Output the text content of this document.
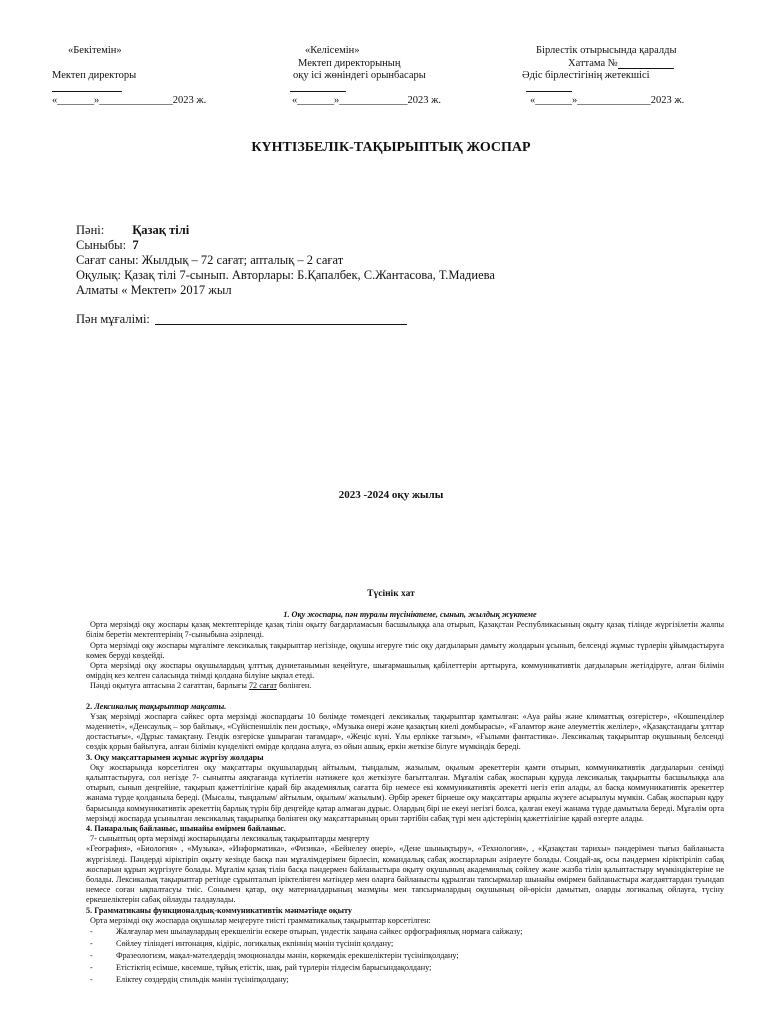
«Бекітемін»
Мектеп директоры
«_______»______________2023 ж.
«Келісемін»
Мектеп директорының
оқу ісі жөніндегі орынбасары
«_______»_____________2023 ж.
Бірлестік отырысында қаралды
Хаттама №
Әдіс бірлестігінің жетекшісі
«_______»______________2023 ж.
КҮНТІЗБЕЛІК-ТАҚЫРЫПТЫҚ ЖОСПАР
Пәні: Қазақ тілі
Сыныбы: 7
Сағат саны: Жылдық – 72 сағат; апталық – 2 сағат
Оқулық: Қазақ тілі 7-сынып. Авторлары: Б.Қапалбек, С.Жантасова, Т.Мадиева
Алматы « Мектеп» 2017 жыл
Пән мұғалімі:
2023 -2024 оқу жылы
Түсінік хат
1. Оқу жоспары, пән туралы түсініктеме, сынып, жылдық жүктеме

Орта мерзімді оқу жоспары қазақ мектептерінде қазақ тілін оқыту бағдарламасын басшылыққа ала отырып, Қазақстан Республикасының оқыту қазақ тілінде жүргізілетін жалпы білім беретін мектептерінің 7-сыныбына әзірленді.

Орта мерзімді оқу жоспары мұғалімге лексикалық тақырыптар негізінде, оқушы игеруге тиіс оқу дағдыларын дамыту жолдарын ұсынып, белсенді жұмыс түрлерін ұйымдастыруға көмек беруді көздейді.

Орта мерзімді оқу жоспары оқушылардың ұлттық дүниетанымын кеңейтуге, шығармашылық қабілеттерін арттыруға, коммуникативтік дағдыларын жетілдіруге, алған білімін өмірдің кез келген саласында тиімді қолдана білуіне ықпал етеді.

Пәнді оқытуға аптасына 2 сағаттан, барлығы 72 сағат бөлінген.

2. Лексикалық тақырыптар мақсаты.

Ұзақ мерзімді жоспарға сәйкес орта мерзімді жоспардағы 10 бөлімде төмендегі лексикалық тақырыптар қамтылған: «Ауа райы және климаттық өзгерістер», «Көшпенділер мәдениеті», «Денсаулық – зор байлық», «Сүйіспеншілік пен достық», «Музыка өнері және қазақтың киелі домбырасы», «Ғаламтор және әлеуметтік желілер», «Қазақстандағы ұлттар достастығы», «Дұрыс тамақтану. Гендік өзгеріске ұшыраған тағамдар», «Жеңіс күні. Ұлы ерлікке тағзым», «Ғылыми фантастика». Лексикалық тақырыптар оқушының белсенді сөздік қорын байытуға, алған білімін күнделікті өмірде қолдана алуға, өз ойын ашық, еркін жеткізе білуге мүмкіндік береді.

3. Оқу мақсаттарымен жұмыс жүргізу жолдары

Оқу жоспарында көрсетілген оқу мақсаттары оқушылардың айтылым, тыңдалым, жазылым, оқылым әрекеттерін қамти отырып, коммуникативтік дағдыларын сенімді қалыптастыруға, сол негізде 7- сыныпты аяқтағанда күтілетін нәтижеге қол жеткізуге бағытталған. Мұғалім сабақ жоспарын құруда лексикалық тақырыпты басшылыққа ала отырып, сынып деңгейіне, тақырып қажеттілігіне қарай бір академиялық сағатта бір немесе екі коммуникативтік әрекетті негіз етіп алады, ал басқа коммуникативтік әрекеттер жанама түрде қолданыла береді. (Мысалы, тыңдалым/ айтылым, оқылым/ жазылым). Әрбір әрекет бірнеше оқу мақсаттары арқылы жүзеге асырылуы мүмкін. Сабақ жоспарын құру барысында коммуникативтік әрекеттің барлық түрін бір деңгейде қатар алмаған дұрыс. Олардың бірі не екеуі негізгі болса, қалған екеуі жанама түрде дамытыла береді. Мұғалім орта мерзімді жоспарда ұсынылған лексикалық тақырыпқа бөлінген оқу мақсаттарының орын тәртібін сабақ түрі мен әдістерінің қажеттілігіне қарай өзгерте алады.

4. Пәнаралық байланыс, шынайы өмірмен байланыс.

7- сыныптың орта мерзімді жоспарындағы лексикалық тақырыптарды меңгерту

«География», «Биология» , «Музыка», «Информатика», «Физика», «Бейнелеу өнері», «Дене шынықтыру», «Технология», , «Қазақстан тарихы» пәндерімен тығыз байланыста жүргізіледі. Пәндерді кіріктіріп оқыту кезінде басқа пән мұғалімдерімен бірлесіп, командалық сабақ жоспарларын әзірлеуге болады. Сондай-ақ, осы пәндермен кіріктіріліп сабақ жоспарын құрып жүргізуге болады. Мұғалім қазақ тілін басқа пәндермен байланыстыра оқыту оқушының академиялық сөйлеу және жазба тілін қалыптастыру мүмкіндіктеріне не болады. Лексикалық тақырыптар ретінде сұрыпталып іріктелінген мәтіндер мен оларға байланысты құрылған тапсырмалар шынайы өмірмен байланыстыра жағдаяттардан туындап немесе соған ықпалтасуы тиіс. Сонымен қатар, оқу материалдарының мазмұны мен тапсырмалардың оқушының ой-өрісін дамытып, оларды логикалық ойлауға, түсіну еркешеліктерін сабақ ойлауды талдаулады.

5. Грамматиканы функционалдық-коммуникативтік мәнмәтінде оқыту

Орта мерзімді оқу жоспарда оқушылар меңгеруге тиісті грамматикалық тақырыптар көрсетілген:

- Жалғаулар мен шылаулардың ерекшелігін ескере отырып, үндестік заңына сәйкес орфографиялық нормаға сайжазу;
- Сөйлеу тіліндегі интонация, кідіріс, логикалық екпіннің мәнін түсініп қолдану;
- Фразеологизм, мақал-мәтелдердің эмоционалды мәнін, көркемдік ерекшеліктерін түсініпқолдану;
- Етістіктің есімше, көсемше, тұйық етістік, шақ, рай түрлерін тілдесім барысындақолдану;
- Еліктеу сөздердің стильдік мәнін түсініпқолдану;
